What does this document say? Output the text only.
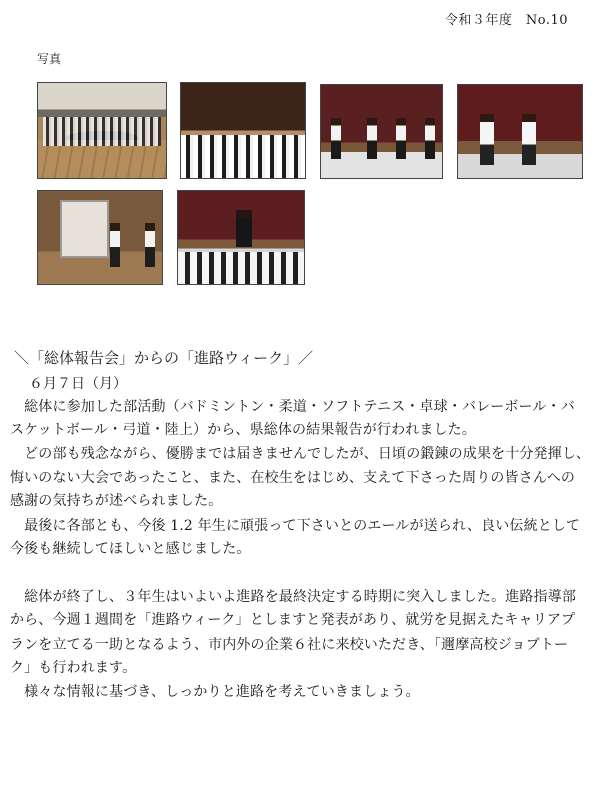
令和３年度　No.10
写真
＼「総体報告会」からの「進路ウィーク」／
６月７日（月）
　総体に参加した部活動（バドミントン・柔道・ソフトテニス・卓球・バレーボール・バ
スケットボール・弓道・陸上）から、県総体の結果報告が行われました。
　どの部も残念ながら、優勝までは届きませんでしたが、日頃の鍛錬の成果を十分発揮し、
悔いのない大会であったこと、また、在校生をはじめ、支えて下さった周りの皆さんへの
感謝の気持ちが述べられました。
　最後に各部とも、今後 1.2 年生に頑張って下さいとのエールが送られ、良い伝統として
今後も継続してほしいと感じました。
　総体が終了し、３年生はいよいよ進路を最終決定する時期に突入しました。進路指導部
から、今週１週間を「進路ウィーク」としますと発表があり、就労を見据えたキャリアプ
ランを立てる一助となるよう、市内外の企業６社に来校いただき、「邇摩高校ジョブトー
ク」も行われます。
　様々な情報に基づき、しっかりと進路を考えていきましょう。
